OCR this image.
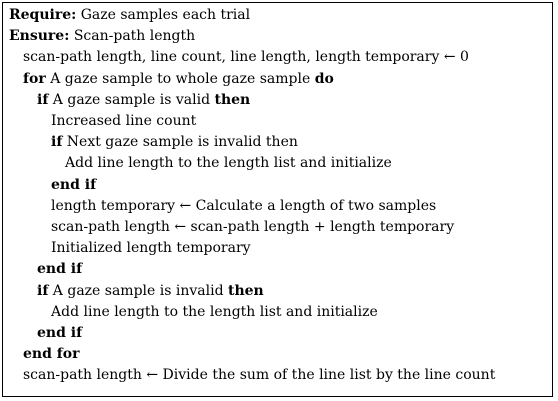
Require: Gaze samples each trial
Ensure: Scan-path length
scan-path length, line count, line length, length temporary ← 0
for A gaze sample to whole gaze sample do
if A gaze sample is valid then
Increased line count
if Next gaze sample is invalid then
Add line length to the length list and initialize
end if
length temporary ← Calculate a length of two samples
scan-path length ← scan-path length + length temporary
Initialized length temporary
end if
if A gaze sample is invalid then
Add line length to the length list and initialize
end if
end for
scan-path length ← Divide the sum of the line list by the line count
